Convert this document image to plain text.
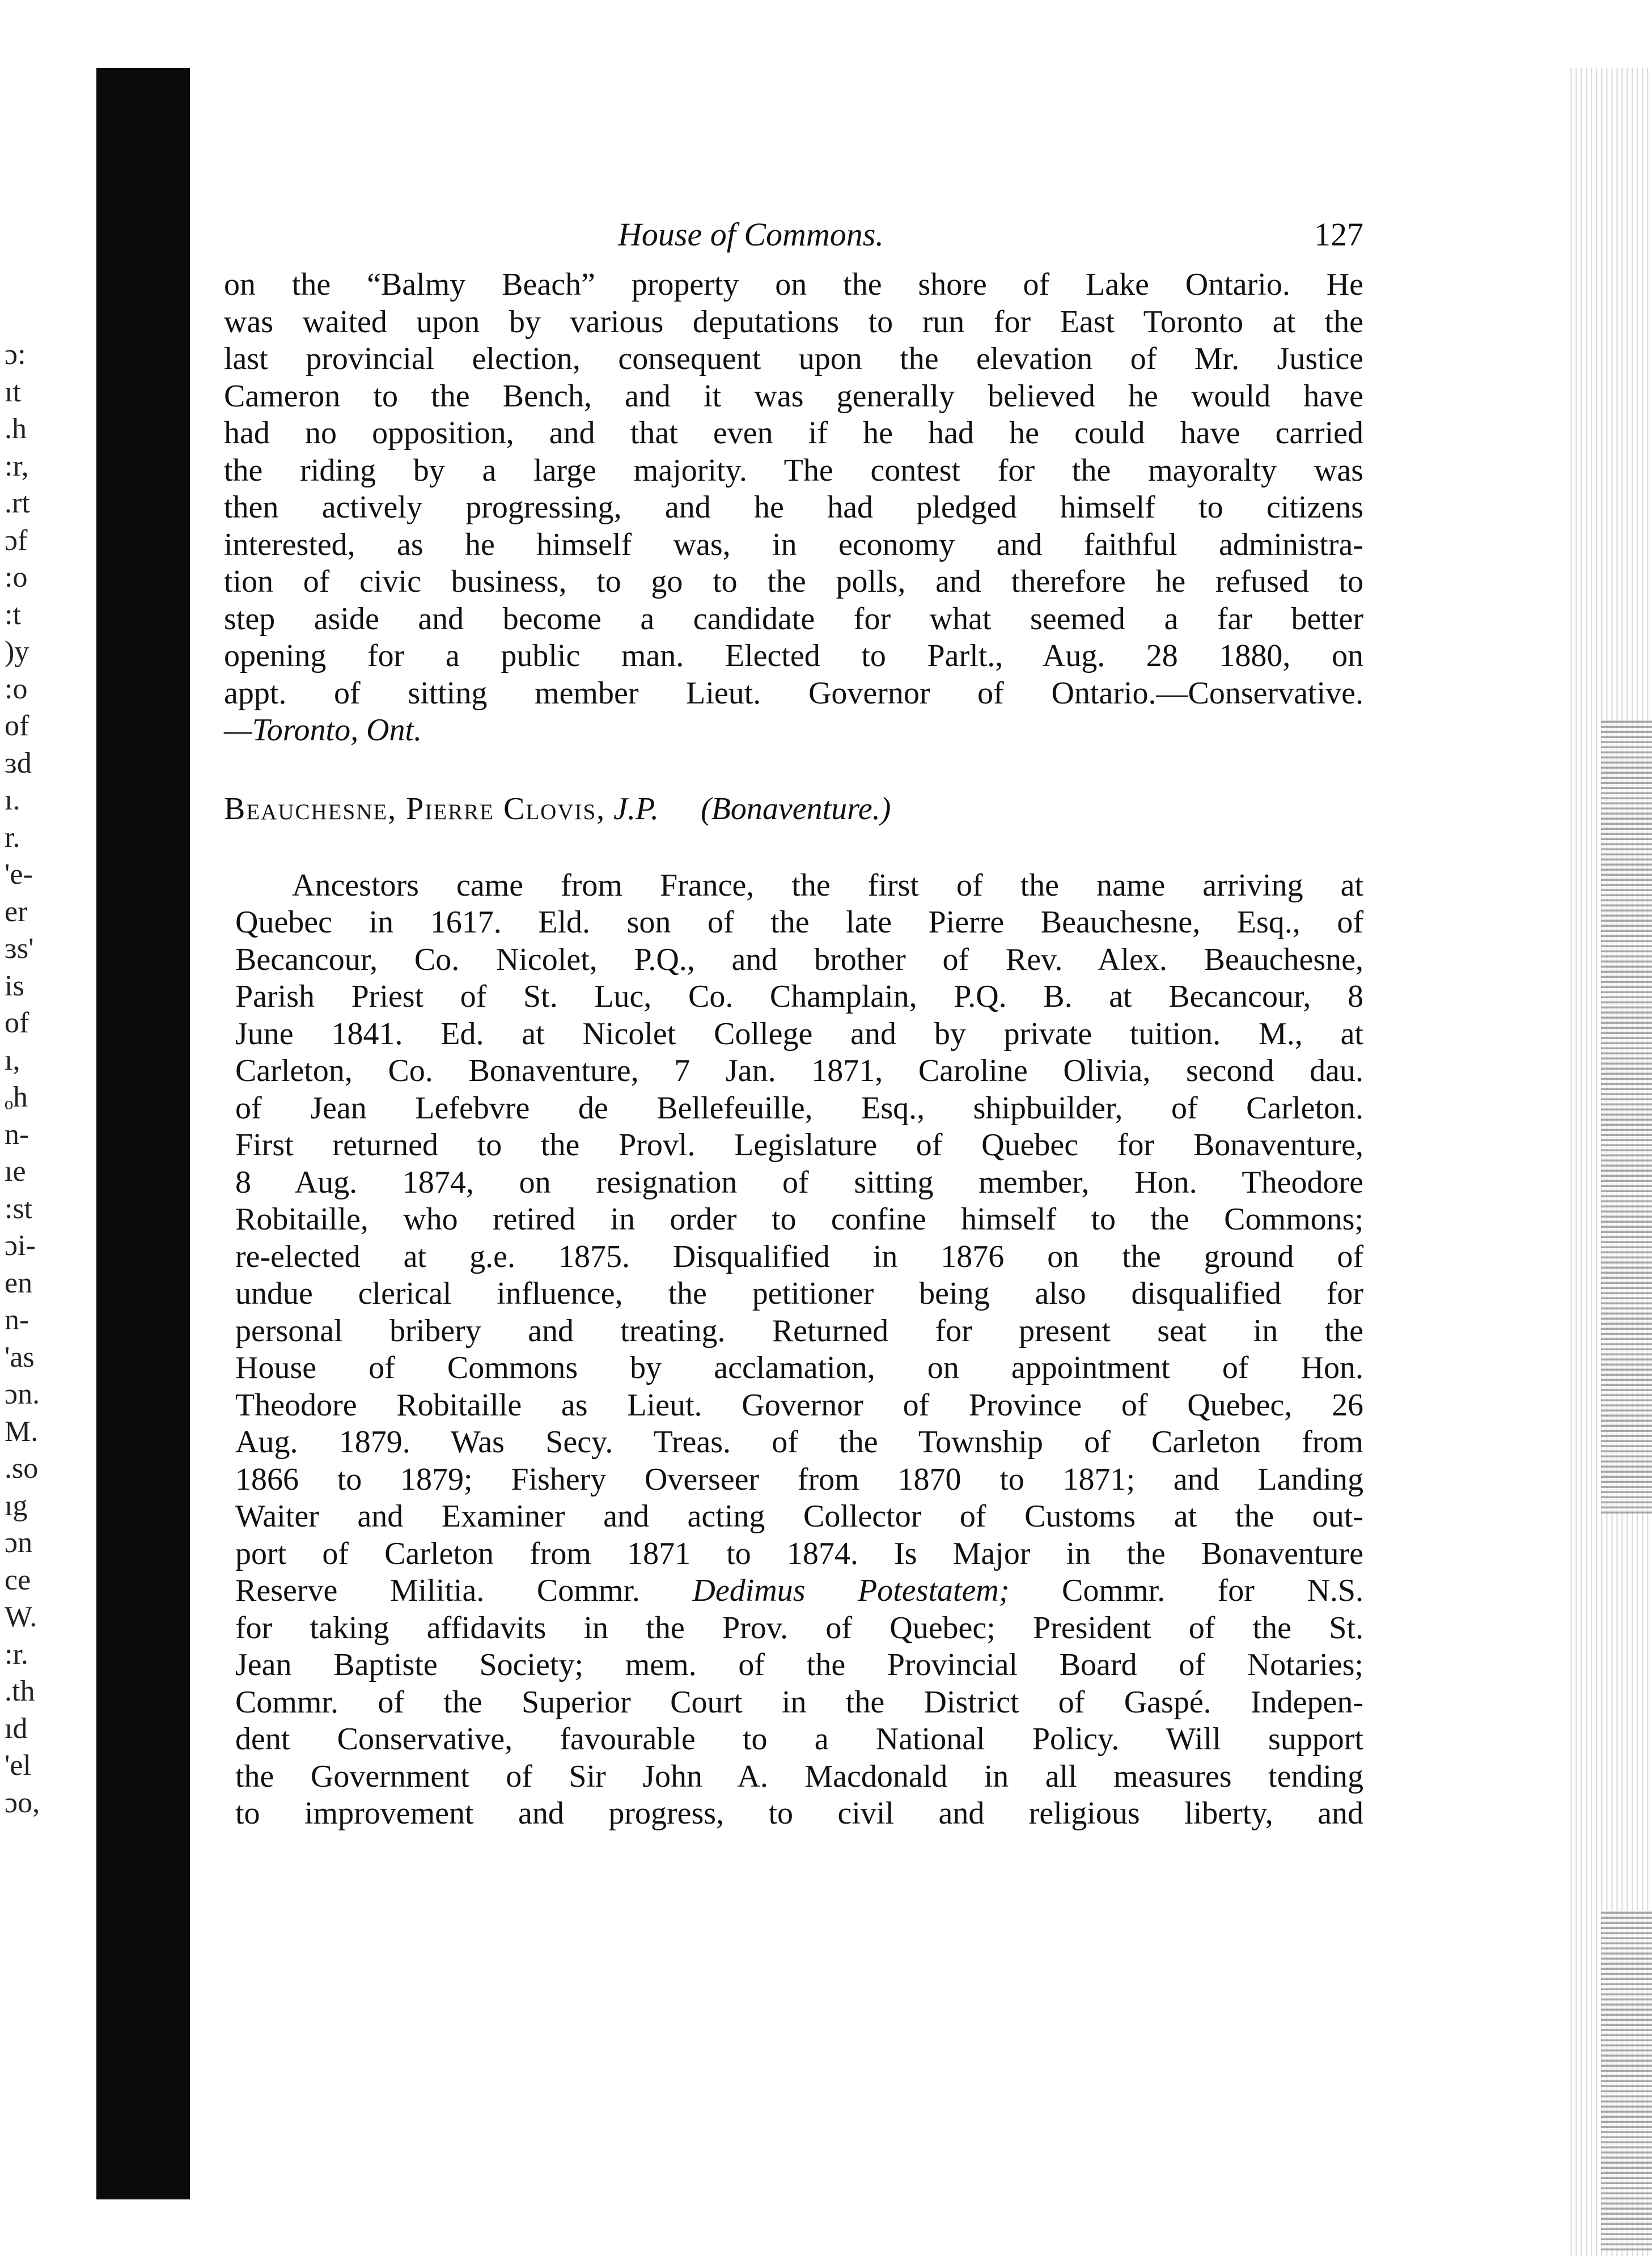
ɔ:
ıt
.h
:r,
.rt
ɔf
:o
:t
)y
:o
of
ɜd
ı.
r.
'e-
er
ɜs'
is
of
ı,
ₒh
n-
ıe
:st
ɔi-
en
n-
'as
ɔn.
M.
.so
ıg
ɔn
ce
W.
:r.
.th
ıd
'el
ɔo,
House of Commons.	127
on the “Balmy Beach” property on the shore of Lake Ontario. He
was waited upon by various deputations to run for East Toronto at the
last provincial election, consequent upon the elevation of Mr. Justice
Cameron to the Bench, and it was generally believed he would have
had no opposition, and that even if he had he could have carried
the riding by a large majority. The contest for the mayoralty was
then actively progressing, and he had pledged himself to citizens
interested, as he himself was, in economy and faithful administra-
tion of civic business, to go to the polls, and therefore he refused to
step aside and become a candidate for what seemed a far better
opening for a public man. Elected to Parlt., Aug. 28 1880, on
appt. of sitting member Lieut. Governor of Ontario.—Conservative.
—Toronto, Ont.
Beauchesne, Pierre Clovis, J.P. (Bonaventure.)
Ancestors came from France, the first of the name arriving at
Quebec in 1617. Eld. son of the late Pierre Beauchesne, Esq., of
Becancour, Co. Nicolet, P.Q., and brother of Rev. Alex. Beauchesne,
Parish Priest of St. Luc, Co. Champlain, P.Q. B. at Becancour, 8
June 1841. Ed. at Nicolet College and by private tuition. M., at
Carleton, Co. Bonaventure, 7 Jan. 1871, Caroline Olivia, second dau.
of Jean Lefebvre de Bellefeuille, Esq., shipbuilder, of Carleton.
First returned to the Provl. Legislature of Quebec for Bonaventure,
8 Aug. 1874, on resignation of sitting member, Hon. Theodore
Robitaille, who retired in order to confine himself to the Commons;
re-elected at g.e. 1875. Disqualified in 1876 on the ground of
undue clerical influence, the petitioner being also disqualified for
personal bribery and treating. Returned for present seat in the
House of Commons by acclamation, on appointment of Hon.
Theodore Robitaille as Lieut. Governor of Province of Quebec, 26
Aug. 1879. Was Secy. Treas. of the Township of Carleton from
1866 to 1879; Fishery Overseer from 1870 to 1871; and Landing
Waiter and Examiner and acting Collector of Customs at the out-
port of Carleton from 1871 to 1874. Is Major in the Bonaventure
Reserve Militia. Commr. Dedimus Potestatem; Commr. for N.S.
for taking affidavits in the Prov. of Quebec; President of the St.
Jean Baptiste Society; mem. of the Provincial Board of Notaries;
Commr. of the Superior Court in the District of Gaspé. Indepen-
dent Conservative, favourable to a National Policy. Will support
the Government of Sir John A. Macdonald in all measures tending
to improvement and progress, to civil and religious liberty, and
